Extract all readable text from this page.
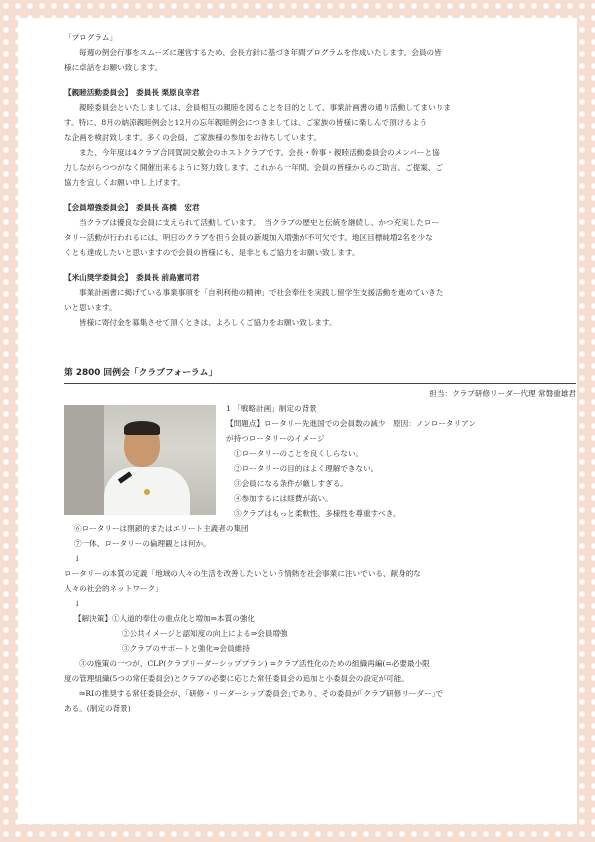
「プログラム」

毎週の例会行事をスムーズに運営するため、会長方針に基づき年間プログラムを作成いたします。会員の皆

様に卓話をお願い致します。

【親睦活動委員会】　委員長 栗原良幸君

親睦委員会といたしましては、会員相互の親睦を図ることを目的として、事業計画書の通り活動してまいりま

す。特に、8月の納涼親睦例会と12月の忘年親睦例会につきましては、ご家族の皆様に楽しんで頂けるよう

な企画を検討致します。多くの会員、ご家族様の参加をお待ちしています。

また、今年度は4クラブ合同賀詞交歓会のホストクラブです。会長・幹事・親睦活動委員会のメンバーと協

力しながらつつがなく開催出来るように努力致します。これから一年間、会員の皆様からのご助言、ご提案、ご

協力を宜しくお願い申し上げます。

【会員増強委員会】　委員長 髙橋　宏君

当クラブは優良な会員に支えられて活動しています。　当クラブの歴史と伝統を継続し、かつ充実したロー

タリー活動が行われるには、明日のクラブを担う会員の新規加入増強が不可欠です。地区目標純増2名を少な

くとも達成したいと思いますので会員の皆様にも、是非ともご協力をお願い致します。

【米山奨学委員会】　委員長 前島憲司君

事業計画書に掲げている事業事項を「自利利他の精神」で社会奉仕を実践し留学生支援活動を進めていきた

いと思います。

皆様に寄付金を募集させて頂くときは、よろしくご協力をお願い致します。

第 2800 回例会「クラブフォーラム」
担当：クラブ研修リーダー代理 常磐重雄君

1 「戦略計画」制定の背景

【問題点】ロータリー先進国での会員数の減少　原因：ノンロータリアン

が持つロータリーのイメージ

①ロータリーのことを良くしらない。

②ロータリーの目的はよく理解できない。

③会員になる条件が厳しすぎる。

④参加するには経費が高い。

⑤クラブはもっと柔軟性、多様性を尊重すべき。

⑥ロータリーは閉鎖的またはエリート主義者の集団

⑦一体、ロータリーの倫理観とは何か。

↓

ロータリーの本質の定義「地域の人々の生活を改善したいという情熱を社会事業に注いでいる、献身的な

人々の社会的ネットワーク」

↓

【解決策】①人道的奉仕の重点化と増加⇒本質の強化

②公共イメージと認知度の向上による⇒会員増強

③クラブのサポートと強化⇒会員維持

③の施策の一つが、CLP(クラブリーダーシッププラン) =クラブ活性化のための組織再編(=必要最小限

度の管理組織(5つの常任委員会)とクラブの必要に応じた常任委員会の追加と小委員会の設定が可能。

⇒RIの推奨する常任委員会が、｢研修・リーダーシップ委員会｣であり、その委員が｢クラブ研修リーダー｣で

ある。(制定の背景)
